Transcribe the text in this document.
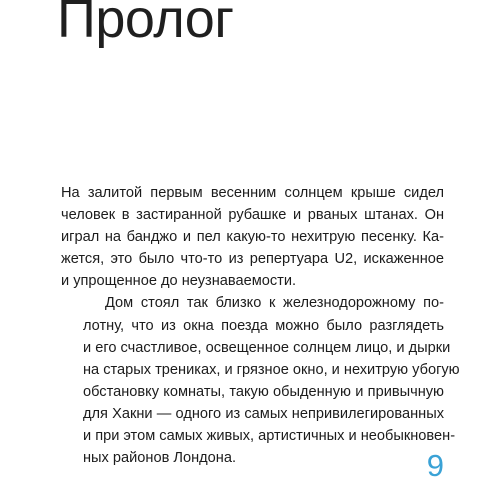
Пролог

На залитой первым весенним солнцем крыше сидел
человек в застиранной рубашке и рваных штанах. Он
играл на банджо и пел какую-то нехитрую песенку. Ка-
жется, это было что-то из репертуара U2, искаженное
и упрощенное до неузнаваемости.

Дом стоял так близко к железнодорожному по-
лотну, что из окна поезда можно было разглядеть
и его счастливое, освещенное солнцем лицо, и дырки
на старых трениках, и грязное окно, и нехитрую убогую
обстановку комнаты, такую обыденную и привычную
для Хакни — одного из самых непривилегированных
и при этом самых живых, артистичных и необыкновен-
ных районов Лондона.	9
